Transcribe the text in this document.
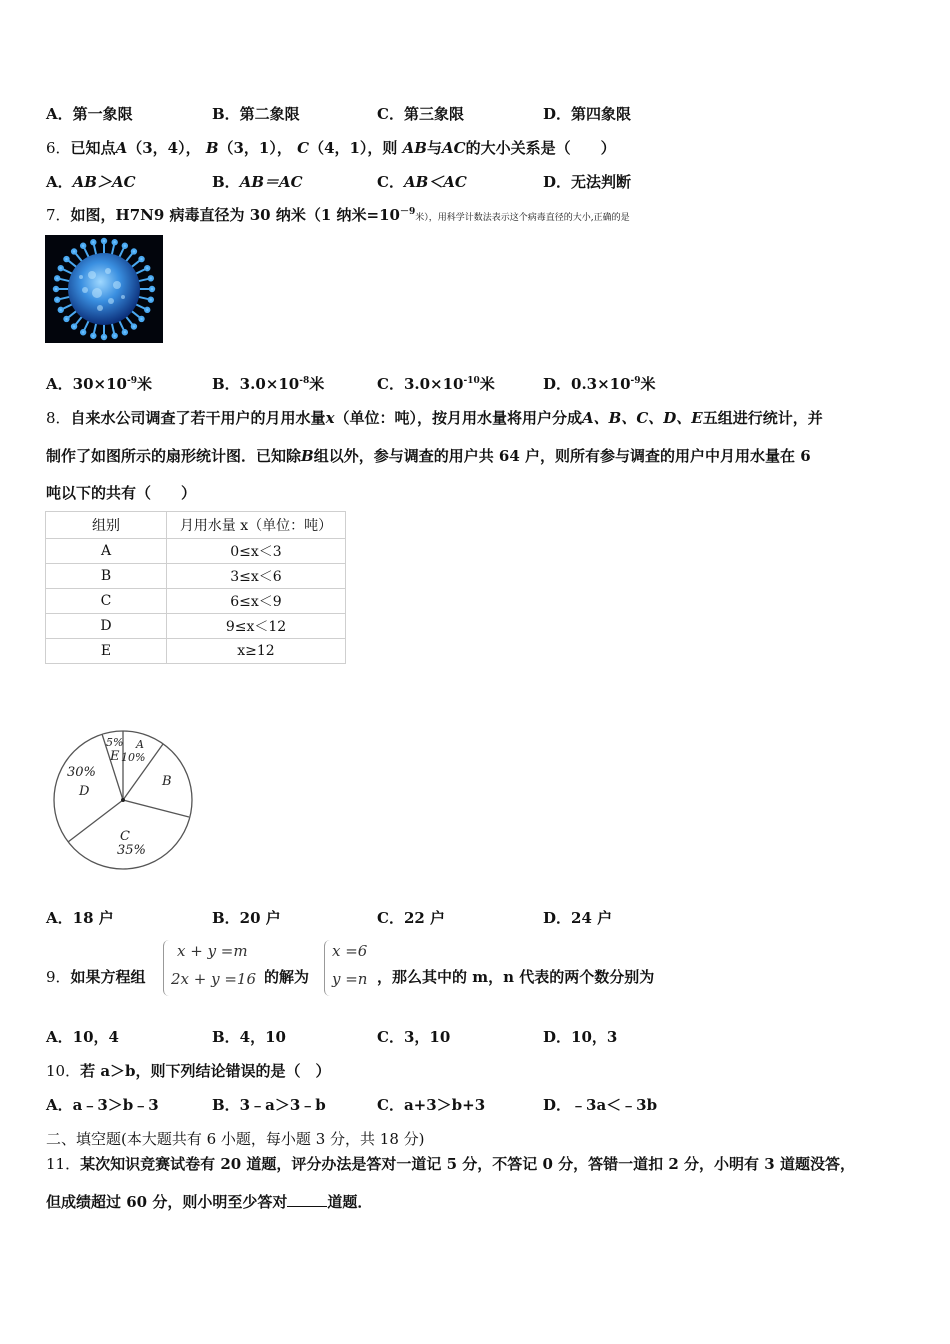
A．第一象限	B．第二象限	C．第三象限	D．第四象限
6．已知点A（3，4）， B（3，1）， C（4，1），则 AB与AC的大小关系是（　　）
A．AB＞AC	B．AB＝AC	C．AB＜AC	D．无法判断
7．如图，H7N9 病毒直径为 30 纳米（1 纳米$=10^{-9}$米），用科学计数法表示这个病毒直径的大小,正确的是
A．$30\times 10^{-9}$米	B．$3.0\times 10^{-8}$米	C．$3.0\times 10^{-10}$米	D．$0.3\times 10^{-9}$米
8．自来水公司调查了若干用户的月用水量x（单位：吨），按月用水量将用户分成A、B、C、D、E五组进行统计，并
制作了如图所示的扇形统计图．已知除B组以外，参与调查的用户共 64 户，则所有参与调查的用户中月用水量在 6
吨以下的共有（　　）
组别	月用水量 x（单位：吨）
A	0≤x＜3
B	3≤x＜6
C	6≤x＜9
D	9≤x＜12
E	x≥12
5%
E
A
10%
B
30%
D
C
35%
A．18 户	B．20 户	C．22 户	D．24 户
9．如果方程组
x + y =m
2x + y =16 的解为
x =6
y =n ，那么其中的 m，n 代表的两个数分别为
A．10，4	B．4，10	C．3，10	D．10，3
10．若 a＞b，则下列结论错误的是（　）
A．a﹣3＞b﹣3	B．3﹣a＞3﹣b	C．a+3＞b+3	D．﹣3a＜﹣3b
二、填空题(本大题共有 6 小题，每小题 3 分，共 18 分)
11．某次知识竞赛试卷有 20 道题，评分办法是答对一道记 5 分，不答记 0 分，答错一道扣 2 分，小明有 3 道题没答，
但成绩超过 60 分，则小明至少答对	道题．
